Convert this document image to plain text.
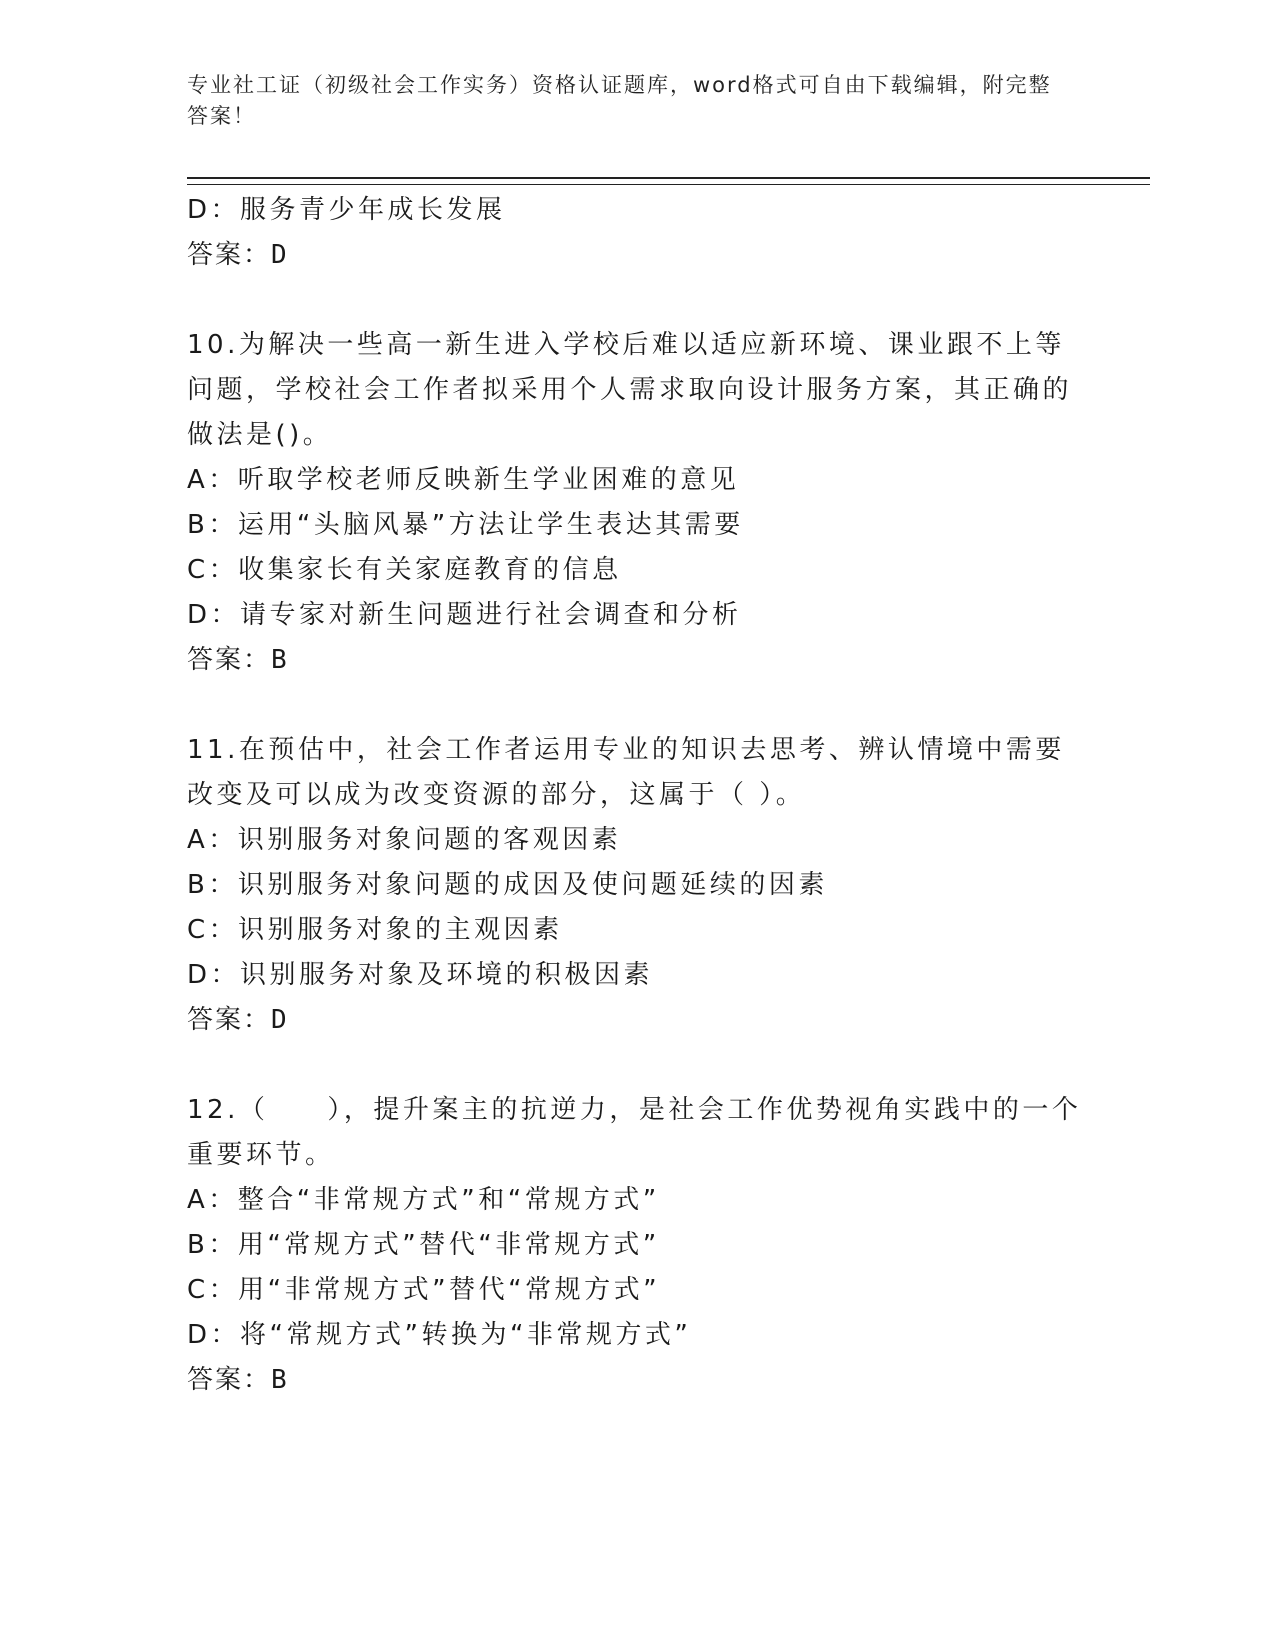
专业社工证（初级社会工作实务）资格认证题库，word格式可自由下载编辑，附完整答案！
D：服务青少年成长发展
答案：D
10.为解决一些高一新生进入学校后难以适应新环境、课业跟不上等问题，学校社会工作者拟采用个人需求取向设计服务方案，其正确的做法是()。
A：听取学校老师反映新生学业困难的意见
B：运用“头脑风暴”方法让学生表达其需要
C：收集家长有关家庭教育的信息
D：请专家对新生问题进行社会调查和分析
答案：B
11.在预估中，社会工作者运用专业的知识去思考、辨认情境中需要改变及可以成为改变资源的部分，这属于（ ）。
A：识别服务对象问题的客观因素
B：识别服务对象问题的成因及使问题延续的因素
C：识别服务对象的主观因素
D：识别服务对象及环境的积极因素
答案：D
12.（　　），提升案主的抗逆力，是社会工作优势视角实践中的一个重要环节。
A：整合“非常规方式”和“常规方式”
B：用“常规方式”替代“非常规方式”
C：用“非常规方式”替代“常规方式”
D：将“常规方式”转换为“非常规方式”
答案：B
